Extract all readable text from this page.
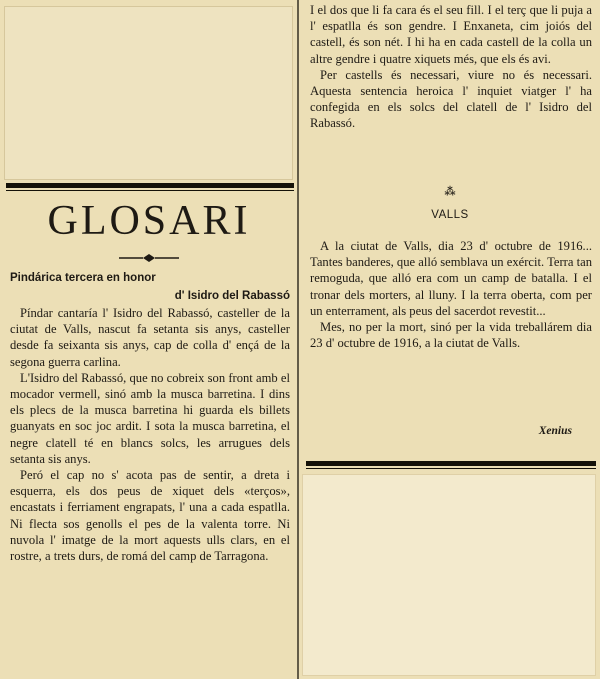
GLOSARI
Pindárica tercera en honor
d' Isidro del Rabassó

Píndar cantaría l' Isidro del Rabassó, casteller de la ciutat de Valls, nascut fa setanta sis anys, casteller desde fa seixanta sis anys, cap de colla d' ençá de la segona guerra carlina.

L'Isidro del Rabassó, que no cobreix son front amb el mocador vermell, sinó amb la musca barretina. I dins els plecs de la musca barretina hi guarda els billets guanyats en soc joc ardit. I sota la musca barretina, el negre clatell té en blancs solcs, les arrugues dels setanta sis anys.

Peró el cap no s' acota pas de sentir, a dreta i esquerra, els dos peus de xiquet dels «terços», encastats i ferriament engrapats, l' una a cada espatlla. Ni flecta sos genolls el pes de la valenta torre. Ni nuvola l' imatge de la mort aquests ulls clars, en el rostre, a trets durs, de romá del camp de Tarragona.

I el dos que li fa cara és el seu fill. I el terç que li puja a l' espatlla és son gendre. I Enxaneta, cim joiós del castell, és son nét. I hi ha en cada castell de la colla un altre gendre i quatre xiquets més, que els és avi.

Per castells és necessari, viure no és necessari. Aquesta sentencia heroica l' inquiet viatger l' ha confegida en els solcs del clatell de l' Isidro del Rabassó.

⁂
VALLS

A la ciutat de Valls, dia 23 d' octubre de 1916... Tantes banderes, que alló semblava un exércit. Terra tan remoguda, que alló era com un camp de batalla. I el tronar dels morters, al lluny. I la terra oberta, com per un enterrament, als peus del sacerdot revestit...

Mes, no per la mort, sinó per la vida treballárem dia 23 d' octubre de 1916, a la ciutat de Valls.

Xenius
